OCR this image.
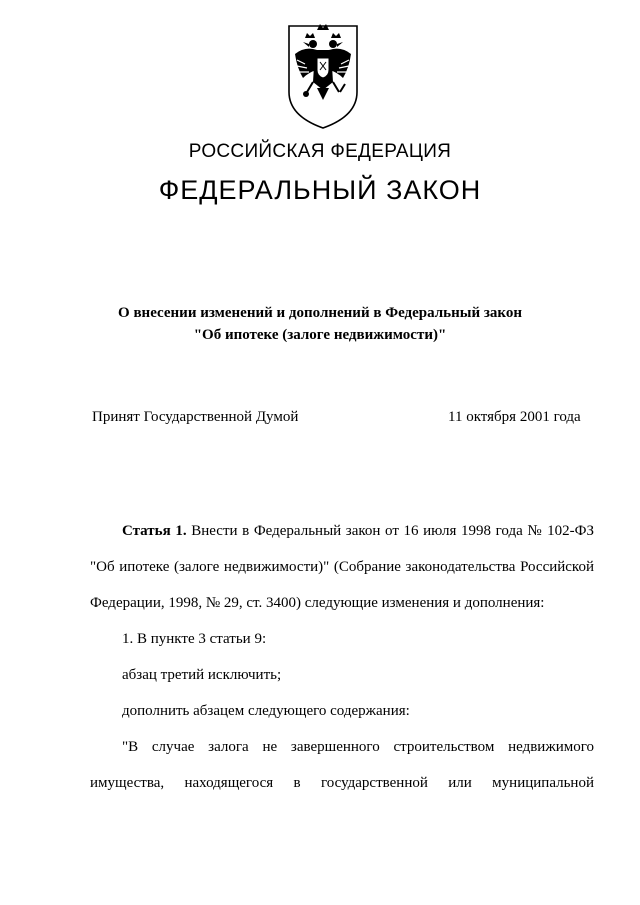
РОССИЙСКАЯ ФЕДЕРАЦИЯ
ФЕДЕРАЛЬНЫЙ ЗАКОН
О внесении изменений и дополнений в Федеральный закон
"Об ипотеке (залоге недвижимости)"
Принят Государственной Думой	11 октября 2001 года

Статья 1. Внести в Федеральный закон от 16 июля 1998 года № 102-ФЗ "Об ипотеке (залоге недвижимости)" (Собрание законодательства Российской Федерации, 1998, № 29, ст. 3400) следующие изменения и дополнения:

1. В пункте 3 статьи 9:

абзац третий исключить;

дополнить абзацем следующего содержания:

"В случае залога не завершенного строительством недвижимого имущества, находящегося в государственной или муниципальной
